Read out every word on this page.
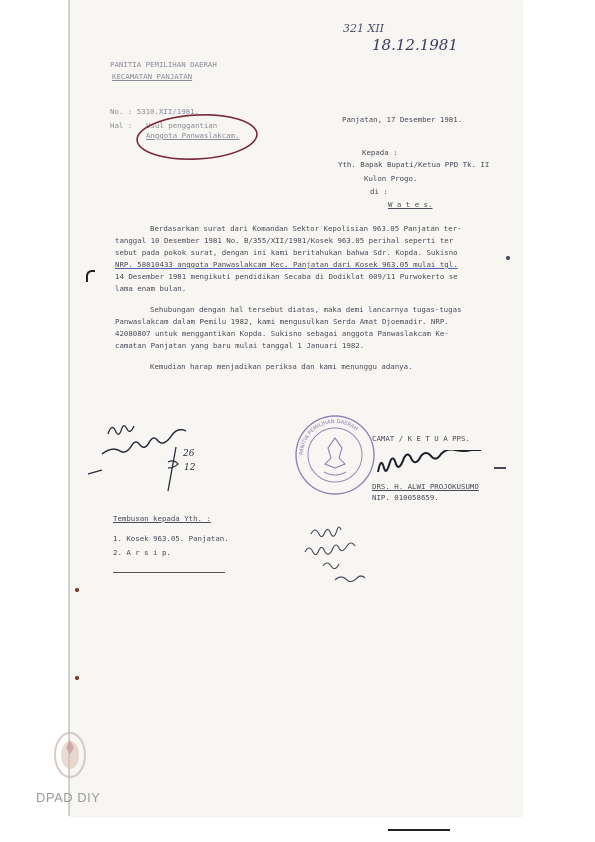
321 XII
18.12.1981
PANITIA PEMILIHAN DAERAH
KECAMATAN PANJATAN
No. : 5310.XII/1981.
Hal : Usul penggantian
Anggota Panwaslakcam.
Panjatan, 17 Desember 1981.
Kepada :
Yth. Bapak Bupati/Ketua PPD Tk. II
Kulon Progo.
di :
W a t e s.
Berdasarkan surat dari Komandan Sektor Kepolisian 963.05 Panjatan ter-
tanggal 10 Desember 1981 No. B/355/XII/1981/Kosek 963.05 perihal seperti ter
sebut pada pokok surat, dengan ini kami beritahukan bahwa Sdr. Kopda. Sukisno
NRP. 58010433 anggota Panwaslakcam Kec. Panjatan dari Kosek 963.05 mulai tgl.
14 Desember 1981 mengikuti pendidikan Secaba di Dodiklat 009/11 Purwokerto se
lama enam bulan.
Sehubungan dengan hal tersebut diatas, maka demi lancarnya tugas-tugas
Panwaslakcam dalam Pemilu 1982, kami mengusulkan Serda Amat Djoemadir. NRP.
42080807 untuk menggantikan Kopda. Sukisno sebagai anggota Panwaslakcam Ke-
camatan Panjatan yang baru mulai tanggal 1 Januari 1982.
Kemudian harap menjadikan periksa dan kami menunggu adanya.
26
12
PANITIA PEMILIHAN DAERAH
CAMAT / K E T U A PPS.
DRS. H. ALWI PROJOKUSUMO
NIP. 010058659.
Tembusan kepada Yth. :
1. Kosek 963.05. Panjatan.
2. A r s i p.
DPAD DIY
